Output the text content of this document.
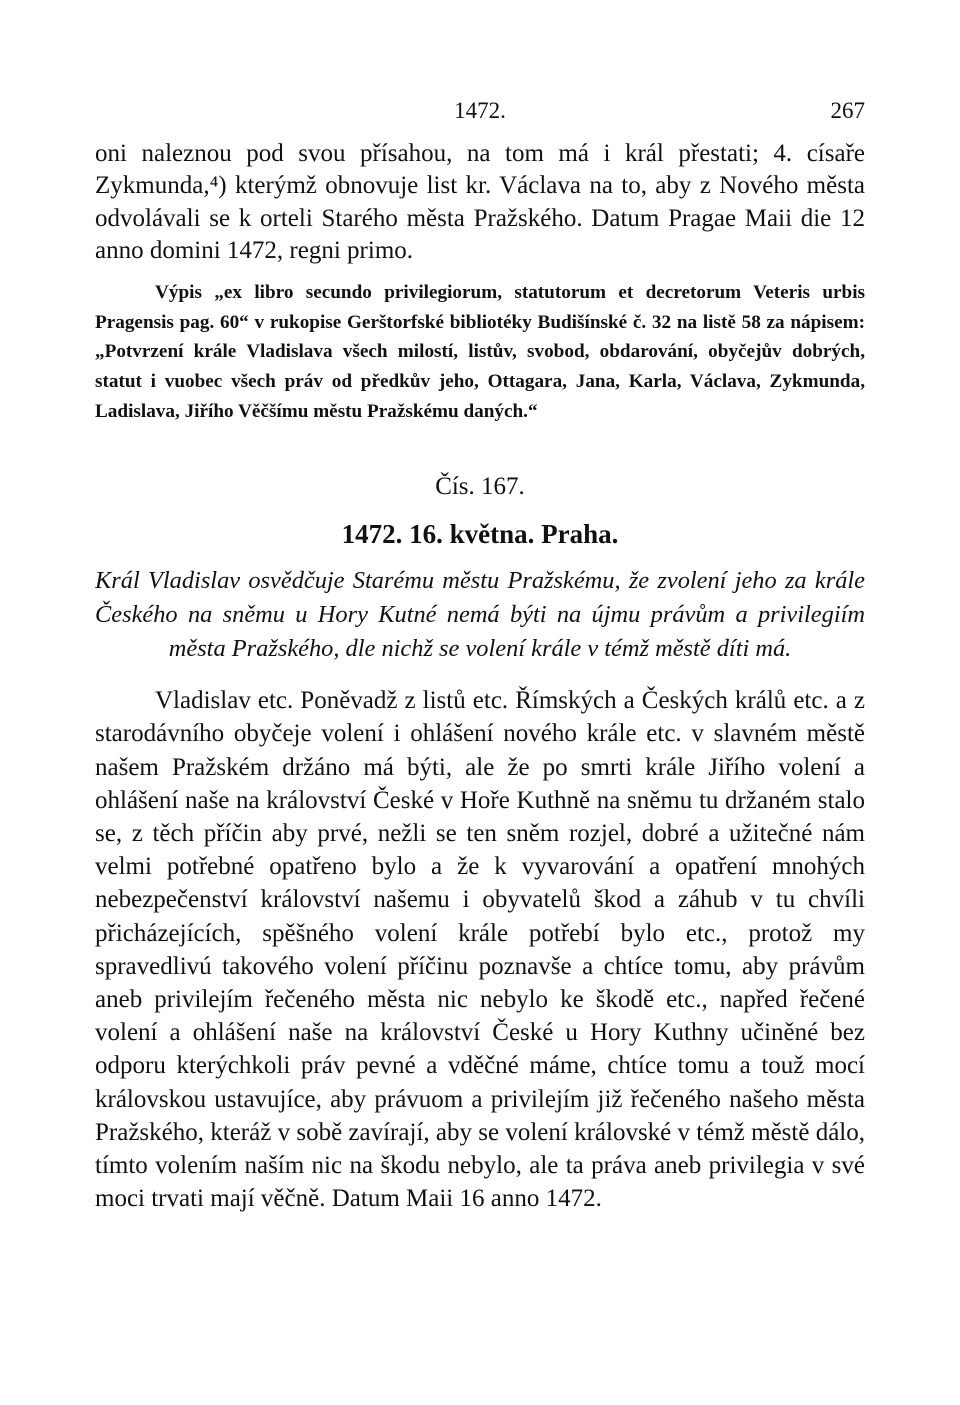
1472.	267

oni naleznou pod svou přísahou, na tom má i král přestati; 4. císaře Zykmunda,⁴) kterýmž obnovuje list kr. Václava na to, aby z Nového města odvolávali se k orteli Starého města Pražského. Datum Pragae Maii die 12 anno domini 1472, regni primo.

Výpis „ex libro secundo privilegiorum, statutorum et decretorum Veteris urbis Pragensis pag. 60“ v rukopise Gerštorfské bibliotéky Budišínské č. 32 na listě 58 za nápisem: „Potvrzení krále Vladislava všech milostí, listův, svobod, obdarování, obyčejův dobrých, statut i vuobec všech práv od předkův jeho, Ottagara, Jana, Karla, Václava, Zykmunda, Ladislava, Jiřího Věčšímu městu Pražskému daných.“

Čís. 167.
1472. 16. května. Praha.

Král Vladislav osvědčuje Starému městu Pražskému, že zvolení jeho za krále Českého na sněmu u Hory Kutné nemá býti na újmu právům a privilegiím města Pražského, dle nichž se volení krále v témž městě díti má.

Vladislav etc. Poněvadž z listů etc. Římských a Českých králů etc. a z starodávního obyčeje volení i ohlášení nového krále etc. v slavném městě našem Pražském držáno má býti, ale že po smrti krále Jiřího volení a ohlášení naše na království České v Hoře Kuthně na sněmu tu držaném stalo se, z těch příčin aby prvé, nežli se ten sněm rozjel, dobré a užitečné nám velmi potřebné opatřeno bylo a že k vyvarování a opatření mnohých nebezpečenství království našemu i obyvatelů škod a záhub v tu chvíli přicházejících, spěšného volení krále potřebí bylo etc., protož my spravedlivú takového volení příčinu poznavše a chtíce tomu, aby právům aneb privilejím řečeného města nic nebylo ke škodě etc., napřed řečené volení a ohlášení naše na království České u Hory Kuthny učiněné bez odporu kterýchkoli práv pevné a vděčné máme, chtíce tomu a touž mocí královskou ustavujíce, aby právuom a privilejím již řečeného našeho města Pražského, kteráž v sobě zavírají, aby se volení královské v témž městě dálo, tímto volením naším nic na škodu nebylo, ale ta práva aneb privilegia v své moci trvati mají věčně. Datum Maii 16 anno 1472.
